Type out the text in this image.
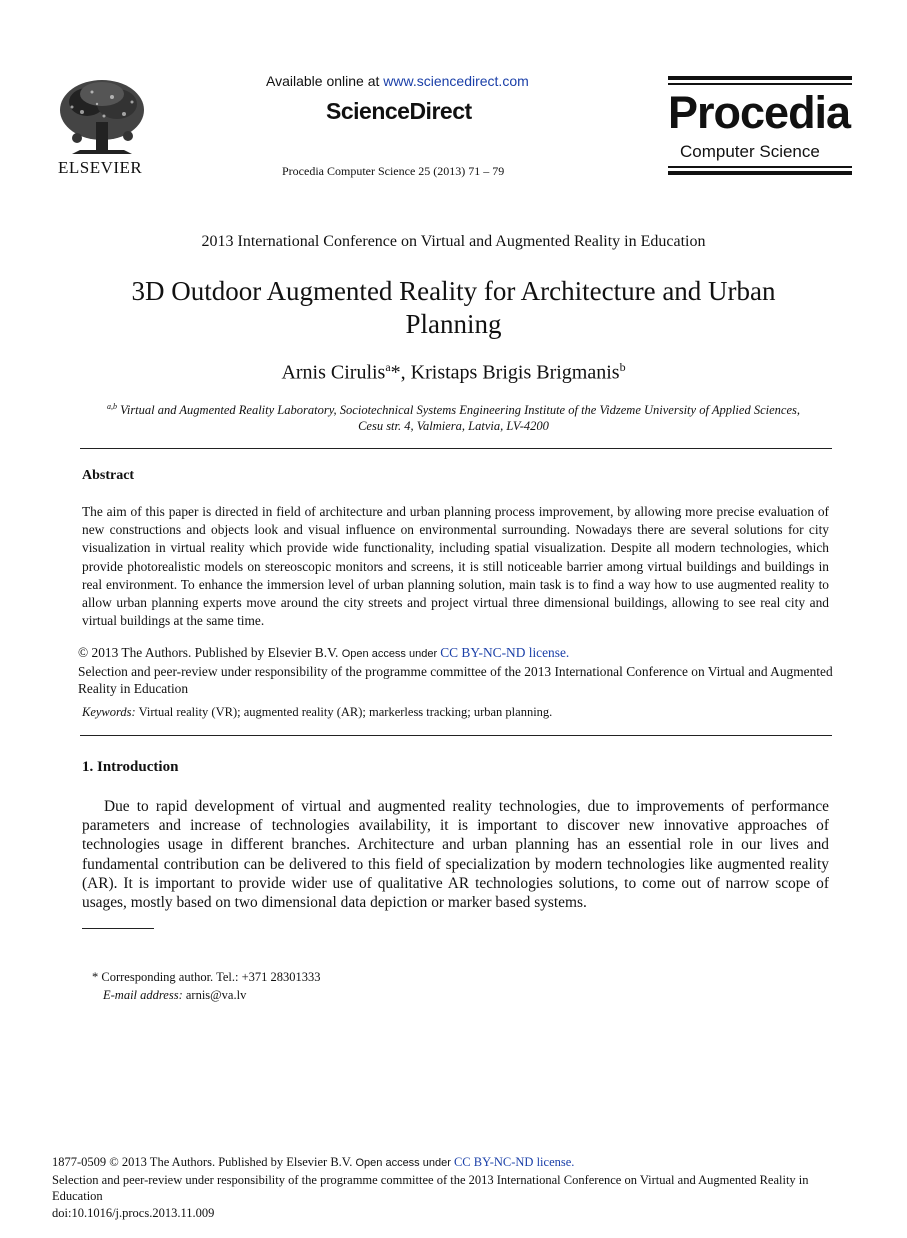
ELSEVIER
Available online at www.sciencedirect.com
ScienceDirect
Procedia Computer Science 25 (2013) 71 – 79
Procedia
Computer Science
2013 International Conference on Virtual and Augmented Reality in Education
3D Outdoor Augmented Reality for Architecture and Urban
Planning
Arnis Cirulis$^a$*, Kristaps Brigis Brigmanis$^b$
$^{a,b}$ Virtual and Augmented Reality Laboratory, Sociotechnical Systems Engineering Institute of the Vidzeme University of Applied Sciences,
Cesu str. 4, Valmiera, Latvia, LV-4200
Abstract
The aim of this paper is directed in field of architecture and urban planning process improvement, by allowing more precise evaluation of new constructions and objects look and visual influence on environmental surrounding. Nowadays there are several solutions for city visualization in virtual reality which provide wide functionality, including spatial visualization. Despite all modern technologies, which provide photorealistic models on stereoscopic monitors and screens, it is still noticeable barrier among virtual buildings and buildings in real environment. To enhance the immersion level of urban planning solution, main task is to find a way how to use augmented reality to allow urban planning experts move around the city streets and project virtual three dimensional buildings, allowing to see real city and virtual buildings at the same time.
© 2013 The Authors. Published by Elsevier B.V. Open access under CC BY-NC-ND license.
Selection and peer-review under responsibility of the programme committee of the 2013 International Conference on Virtual and Augmented Reality in Education
Keywords: Virtual reality (VR); augmented reality (AR); markerless tracking; urban planning.
1. Introduction
Due to rapid development of virtual and augmented reality technologies, due to improvements of performance parameters and increase of technologies availability, it is important to discover new innovative approaches of technologies usage in different branches. Architecture and urban planning has an essential role in our lives and fundamental contribution can be delivered to this field of specialization by modern technologies like augmented reality (AR). It is important to provide wider use of qualitative AR technologies solutions, to come out of narrow scope of usages, mostly based on two dimensional data depiction or marker based systems.
* Corresponding author. Tel.: +371 28301333
E-mail address: arnis@va.lv
1877-0509 © 2013 The Authors. Published by Elsevier B.V. Open access under CC BY-NC-ND license.
Selection and peer-review under responsibility of the programme committee of the 2013 International Conference on Virtual and Augmented Reality in Education
doi:10.1016/j.procs.2013.11.009
